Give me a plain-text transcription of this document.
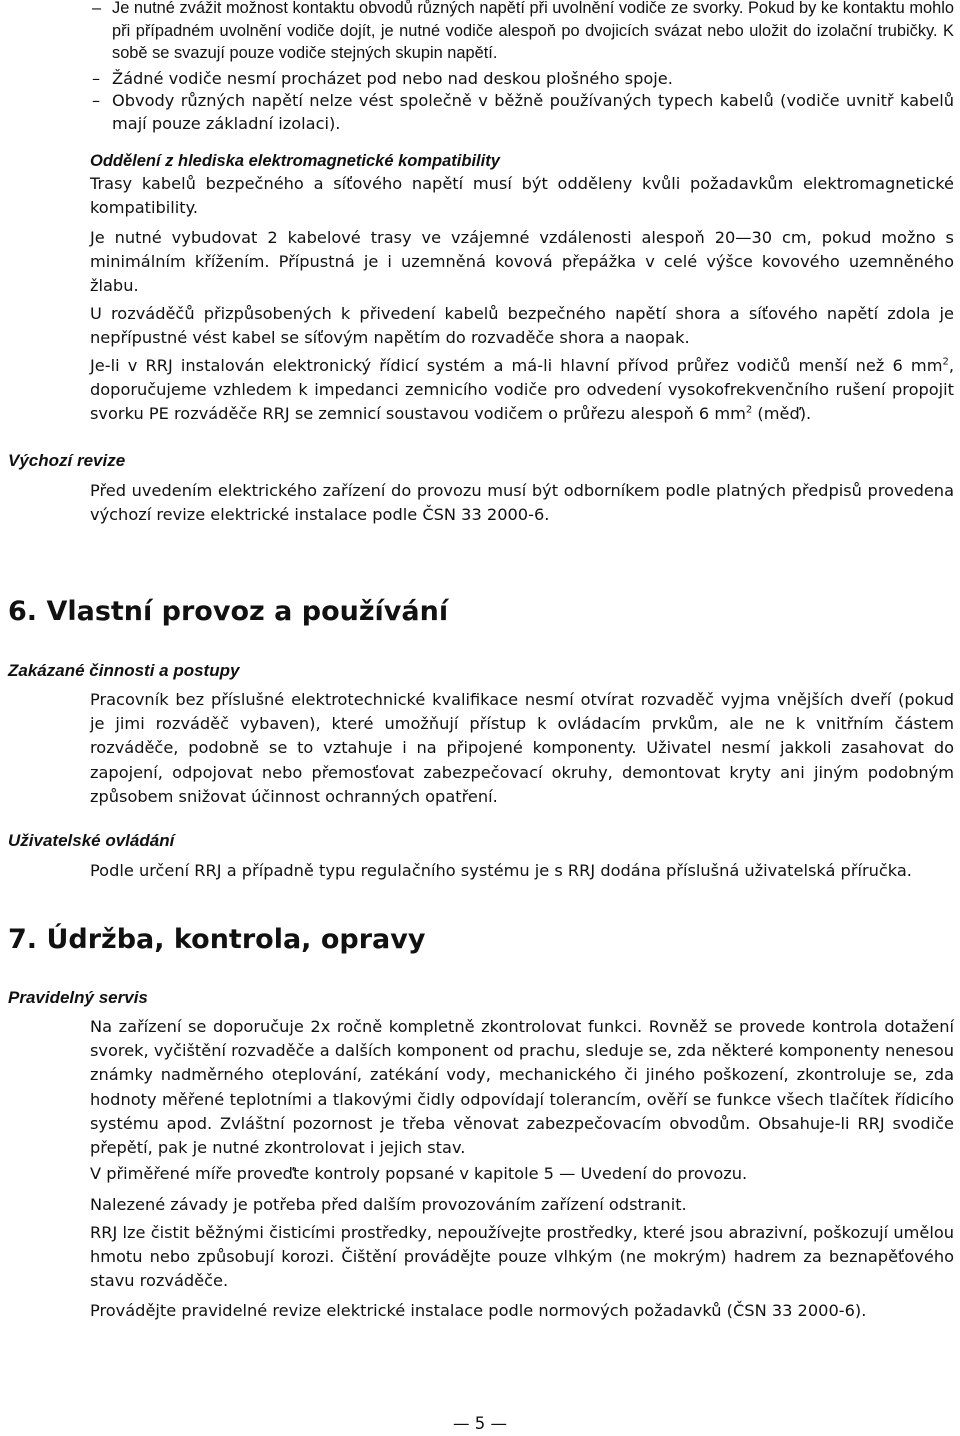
– Je nutné zvážit možnost kontaktu obvodů různých napětí při uvolnění vodiče ze svorky. Pokud by ke kontaktu mohlo při případném uvolnění vodiče dojít, je nutné vodiče alespoň po dvojicích svázat nebo uložit do izolační trubičky. K sobě se svazují pouze vodiče stejných skupin napětí.
– Žádné vodiče nesmí procházet pod nebo nad deskou plošného spoje.
– Obvody různých napětí nelze vést společně v běžně používaných typech kabelů (vodiče uvnitř kabelů mají pouze základní izolaci).
Oddělení z hlediska elektromagnetické kompatibility

Trasy kabelů bezpečného a síťového napětí musí být odděleny kvůli požadavkům elektromagnetické kompatibility.

Je nutné vybudovat 2 kabelové trasy ve vzájemné vzdálenosti alespoň 20—30 cm, pokud možno s minimálním křížením. Přípustná je i uzemněná kovová přepážka v celé výšce kovového uzemněného žlabu.

U rozváděčů přizpůsobených k přivedení kabelů bezpečného napětí shora a síťového napětí zdola je nepřípustné vést kabel se síťovým napětím do rozvaděče shora a naopak.

Je-li v RRJ instalován elektronický řídicí systém a má-li hlavní přívod průřez vodičů menší než 6 $mm^2$, doporučujeme vzhledem k impedanci zemnicího vodiče pro odvedení vysokofrekvenčního rušení propojit svorku PE rozváděče RRJ se zemnicí soustavou vodičem o průřezu alespoň 6 $mm^2$ (měď).

Výchozí revize

Před uvedením elektrického zařízení do provozu musí být odborníkem podle platných předpisů provedena výchozí revize elektrické instalace podle ČSN 33 2000-6.

6. Vlastní provoz a používání
Zakázané činnosti a postupy

Pracovník bez příslušné elektrotechnické kvalifikace nesmí otvírat rozvaděč vyjma vnějších dveří (pokud je jimi rozváděč vybaven), které umožňují přístup k ovládacím prvkům, ale ne k vnitřním částem rozváděče, podobně se to vztahuje i na připojené komponenty. Uživatel nesmí jakkoli zasahovat do zapojení, odpojovat nebo přemosťovat zabezpečovací okruhy, demontovat kryty ani jiným podobným způsobem snižovat účinnost ochranných opatření.

Uživatelské ovládání

Podle určení RRJ a případně typu regulačního systému je s RRJ dodána příslušná uživatelská příručka.

7. Údržba, kontrola, opravy
Pravidelný servis

Na zařízení se doporučuje 2x ročně kompletně zkontrolovat funkci. Rovněž se provede kontrola dotažení svorek, vyčištění rozvaděče a dalších komponent od prachu, sleduje se, zda některé komponenty nenesou známky nadměrného oteplování, zatékání vody, mechanického či jiného poškození, zkontroluje se, zda hodnoty měřené teplotními a tlakovými čidly odpovídají tolerancím, ověří se funkce všech tlačítek řídicího systému apod. Zvláštní pozornost je třeba věnovat zabezpečovacím obvodům. Obsahuje-li RRJ svodiče přepětí, pak je nutné zkontrolovat i jejich stav.

V přiměřené míře proveďte kontroly popsané v kapitole 5 — Uvedení do provozu.

Nalezené závady je potřeba před dalším provozováním zařízení odstranit.

RRJ lze čistit běžnými čisticími prostředky, nepoužívejte prostředky, které jsou abrazivní, poškozují umělou hmotu nebo způsobují korozi. Čištění provádějte pouze vlhkým (ne mokrým) hadrem za beznapěťového stavu rozváděče.

Provádějte pravidelné revize elektrické instalace podle normových požadavků (ČSN 33 2000-6).

— 5 —
